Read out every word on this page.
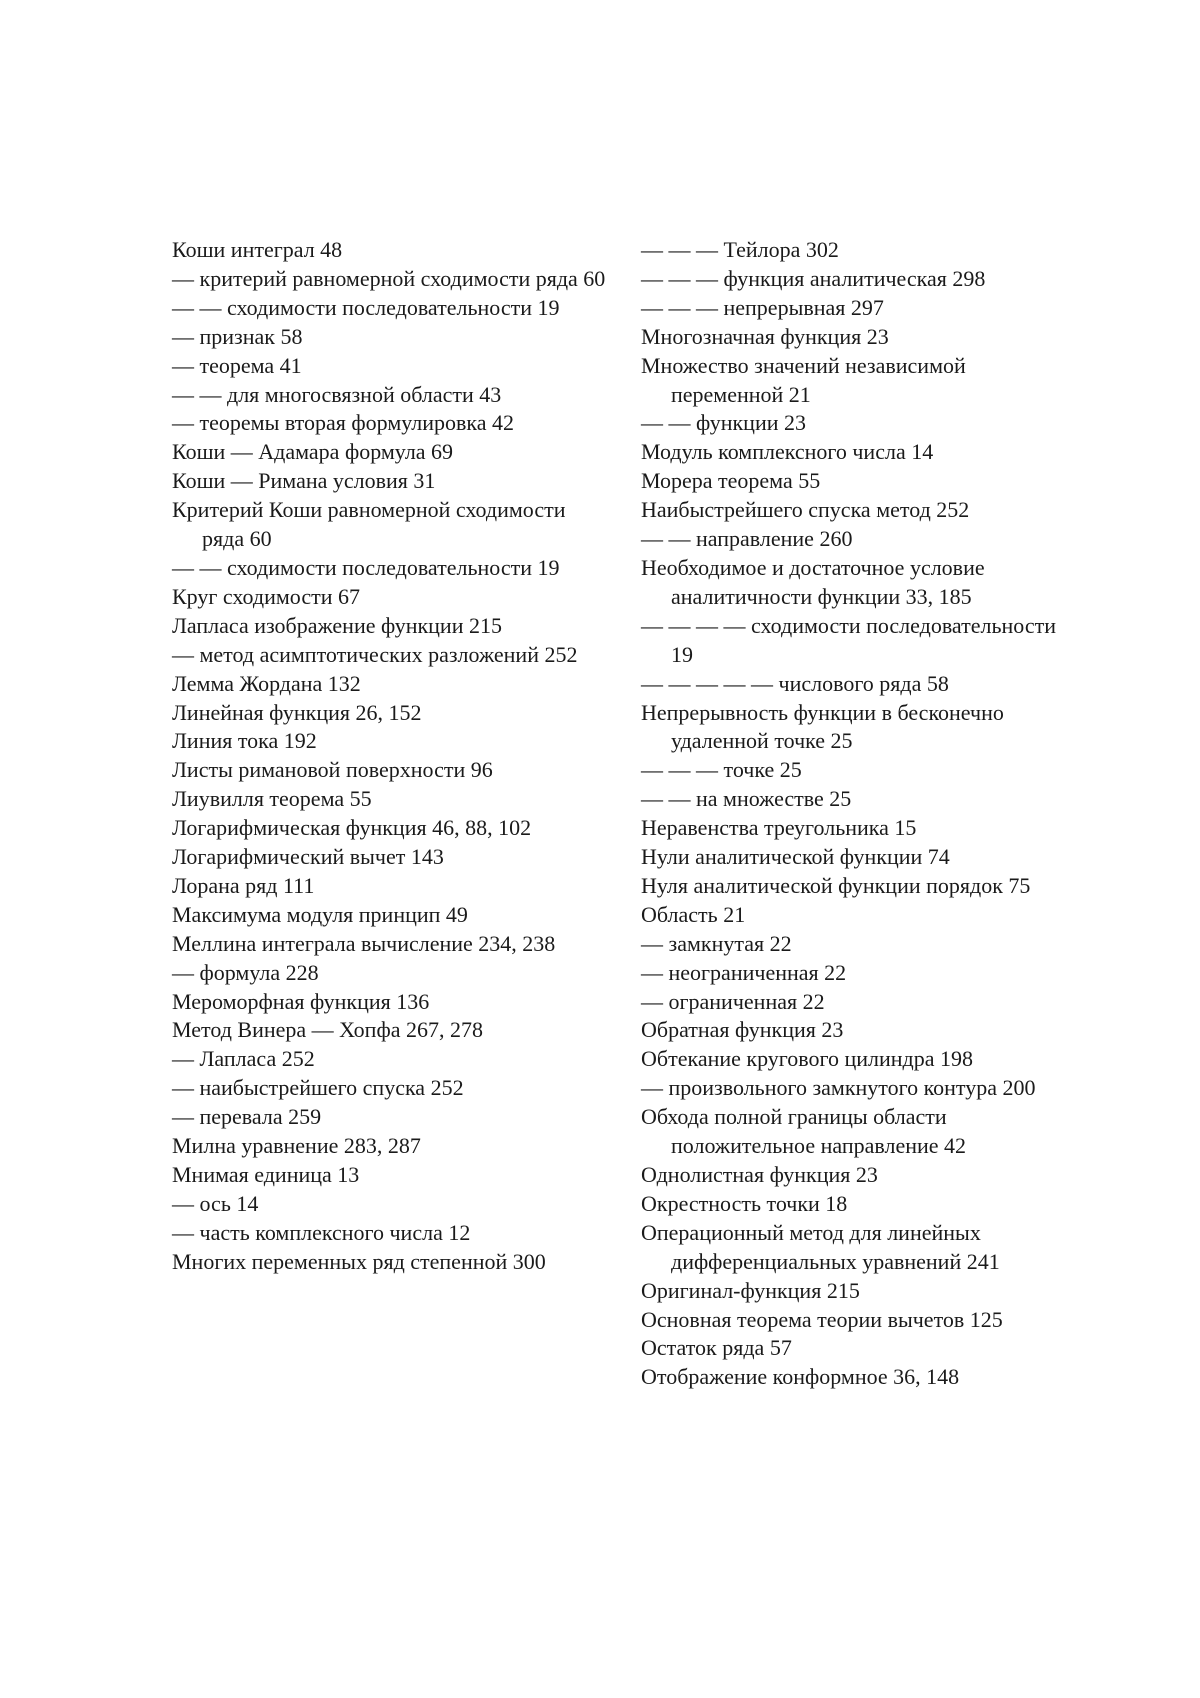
Коши интеграл 48

— критерий равномерной сходимости ряда 60

— — сходимости последовательности 19

— признак 58

— теорема 41

— — для многосвязной области 43

— теоремы вторая формулировка 42

Коши — Адамара формула 69

Коши — Римана условия 31

Критерий Коши равномерной сходимости ряда 60

— — сходимости последовательности 19

Круг сходимости 67

Лапласа изображение функции 215

— метод асимптотических разложений 252

Лемма Жордана 132

Линейная функция 26, 152

Линия тока 192

Листы римановой поверхности 96

Лиувилля теорема 55

Логарифмическая функция 46, 88, 102

Логарифмический вычет 143

Лорана ряд 111

Максимума модуля принцип 49

Меллина интеграла вычисление 234, 238

— формула 228

Мероморфная функция 136

Метод Винера — Хопфа 267, 278

— Лапласа 252

— наибыстрейшего спуска 252

— перевала 259

Милна уравнение 283, 287

Мнимая единица 13

— ось 14

— часть комплексного числа 12

Многих переменных ряд степенной 300

— — — Тейлора 302

— — — функция аналитическая 298

— — — непрерывная 297

Многозначная функция 23

Множество значений независимой переменной 21

— — функции 23

Модуль комплексного числа 14

Морера теорема 55

Наибыстрейшего спуска метод 252

— — направление 260

Необходимое и достаточное условие аналитичности функции 33, 185

— — — — сходимости последовательности 19

— — — — — числового ряда 58

Непрерывность функции в бесконечно удаленной точке 25

— — — точке 25

— — на множестве 25

Неравенства треугольника 15

Нули аналитической функции 74

Нуля аналитической функции порядок 75

Область 21

— замкнутая 22

— неограниченная 22

— ограниченная 22

Обратная функция 23

Обтекание кругового цилиндра 198

— произвольного замкнутого контура 200

Обхода полной границы области положительное направление 42

Однолистная функция 23

Окрестность точки 18

Операционный метод для линейных дифференциальных уравнений 241

Оригинал-функция 215

Основная теорема теории вычетов 125

Остаток ряда 57

Отображение конформное 36, 148
